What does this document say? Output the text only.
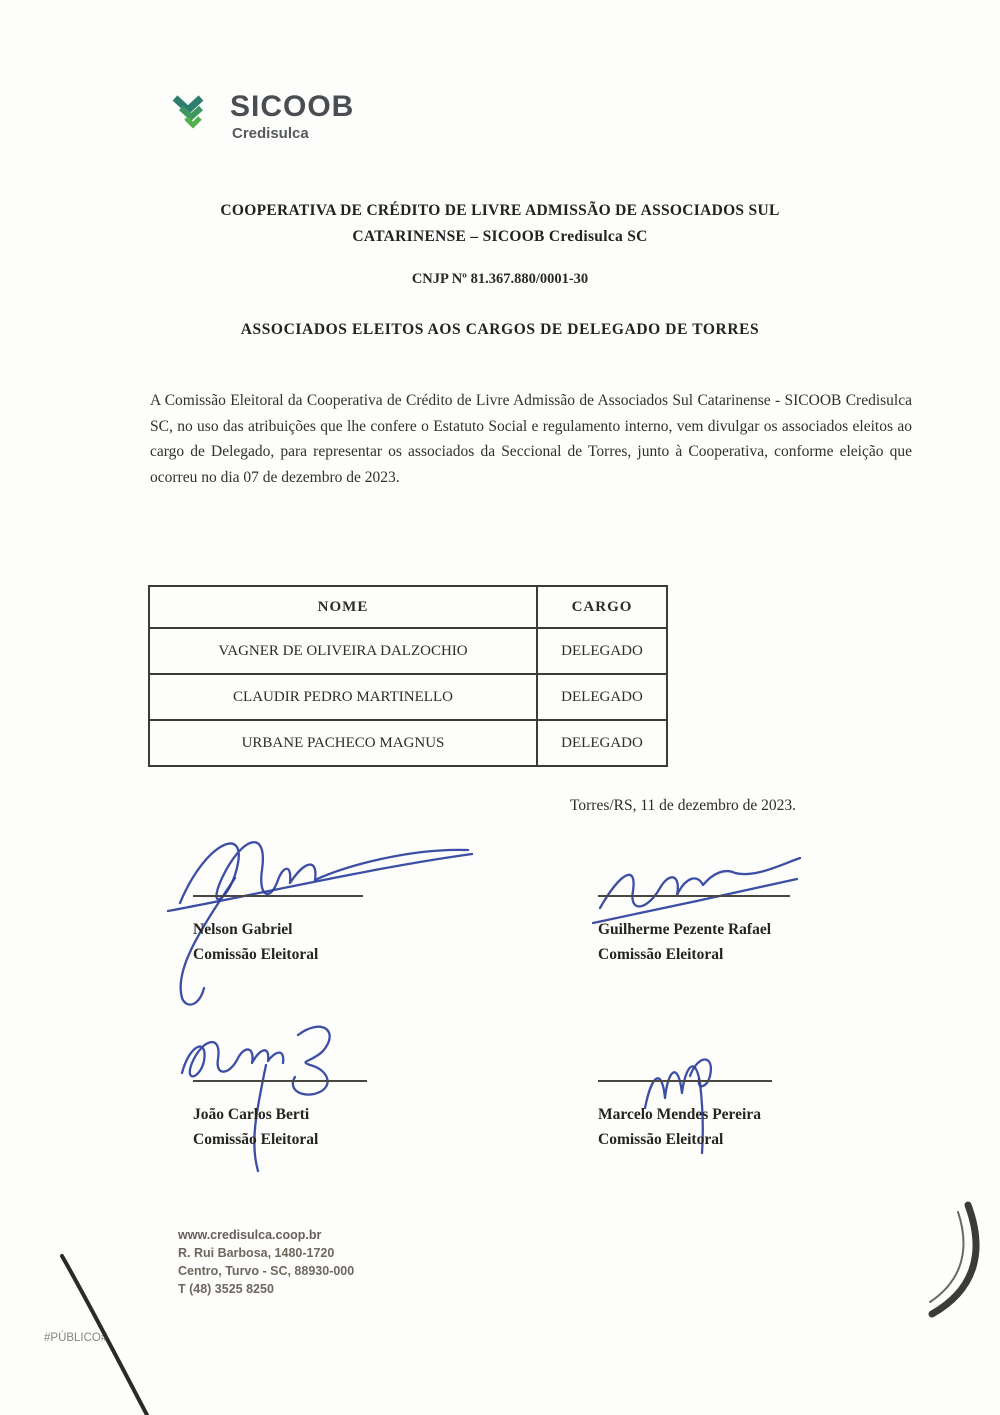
SICOOB
Credisulca
COOPERATIVA DE CRÉDITO DE LIVRE ADMISSÃO DE ASSOCIADOS SUL
CATARINENSE – SICOOB Credisulca SC
CNJP Nº 81.367.880/0001-30
ASSOCIADOS ELEITOS AOS CARGOS DE DELEGADO DE TORRES

A Comissão Eleitoral da Cooperativa de Crédito de Livre Admissão de Associados Sul Catarinense - SICOOB Credisulca SC, no uso das atribuições que lhe confere o Estatuto Social e regulamento interno, vem divulgar os associados eleitos ao cargo de Delegado, para representar os associados da Seccional de Torres, junto à Cooperativa, conforme eleição que ocorreu no dia 07 de dezembro de 2023.

NOME	CARGO
VAGNER DE OLIVEIRA DALZOCHIO	DELEGADO
CLAUDIR PEDRO MARTINELLO	DELEGADO
URBANE PACHECO MAGNUS	DELEGADO
Torres/RS, 11 de dezembro de 2023.
Nelson Gabriel
Comissão Eleitoral
Guilherme Pezente Rafael
Comissão Eleitoral
João Carlos Berti
Comissão Eleitoral
Marcelo Mendes Pereira
Comissão Eleitoral
www.credisulca.coop.br
R. Rui Barbosa, 1480-1720
Centro, Turvo - SC, 88930-000
T (48) 3525 8250
#PÚBLICO#
